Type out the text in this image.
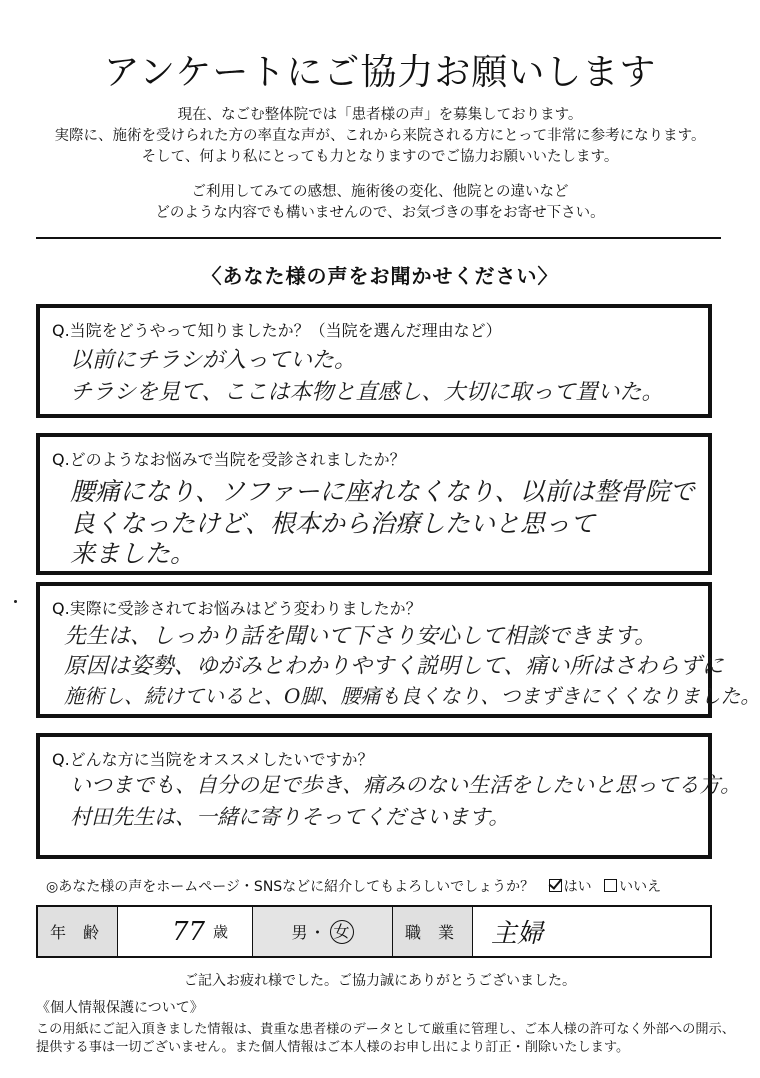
アンケートにご協力お願いします
現在、なごむ整体院では「患者様の声」を募集しております。
実際に、施術を受けられた方の率直な声が、これから来院される方にとって非常に参考になります。
そして、何より私にとっても力となりますのでご協力お願いいたします。
ご利用してみての感想、施術後の変化、他院との違いなど
どのような内容でも構いませんので、お気づきの事をお寄せ下さい。
〈あなた様の声をお聞かせください〉
Q.当院をどうやって知りましたか？（当院を選んだ理由など）
以前にチラシが入っていた。
チラシを見て、ここは本物と直感し、大切に取って置いた。
Q.どのようなお悩みで当院を受診されましたか？
腰痛になり、ソファーに座れなくなり、以前は整骨院で
良くなったけど、根本から治療したいと思って
来ました。
Q.実際に受診されてお悩みはどう変わりましたか？
先生は、しっかり話を聞いて下さり安心して相談できます。
原因は姿勢、ゆがみとわかりやすく説明して、痛い所はさわらずに
施術し、続けていると、O脚、腰痛も良くなり、つまずきにくくなりました。
Q.どんな方に当院をオススメしたいですか？
いつまでも、自分の足で歩き、痛みのない生活をしたいと思ってる方。
村田先生は、一緒に寄りそってくださいます。
◎あなた様の声をホームページ・SNSなどに紹介してもよろしいでしょうか？ はい いいえ
年 齢	77 歳	男 ・ 女	職 業	主婦
ご記入お疲れ様でした。ご協力誠にありがとうございました。
《個人情報保護について》
この用紙にご記入頂きました情報は、貴重な患者様のデータとして厳重に管理し、ご本人様の許可なく外部への開示、
提供する事は一切ございません。また個人情報はご本人様のお申し出により訂正・削除いたします。
